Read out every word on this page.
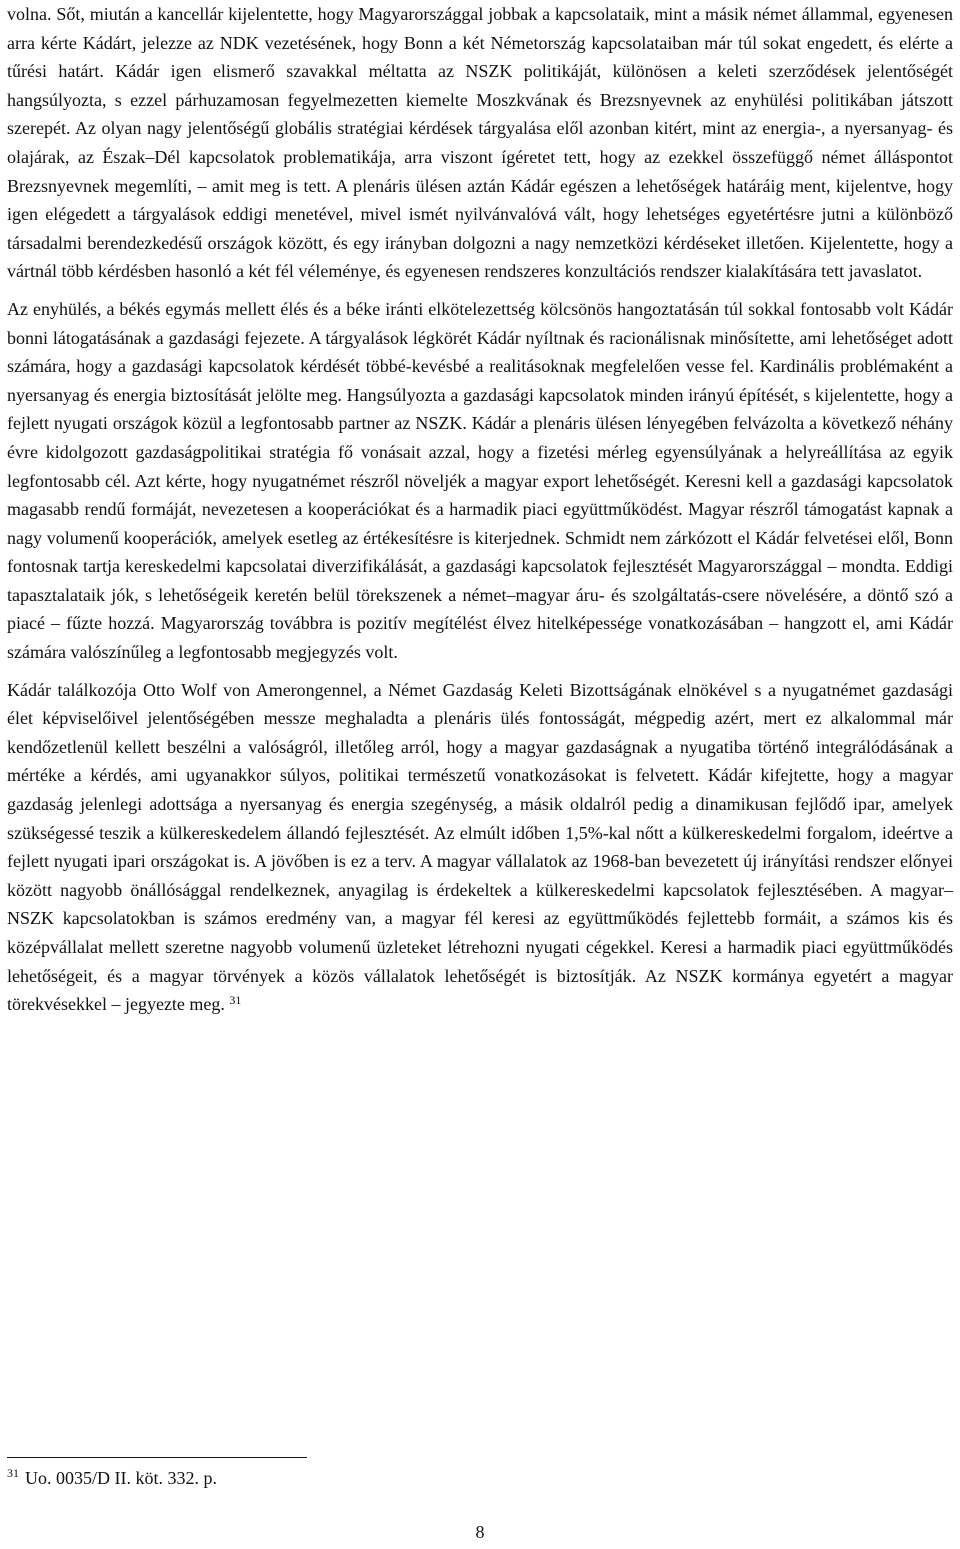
volna. Sőt, miután a kancellár kijelentette, hogy Magyarországgal jobbak a kapcsolataik, mint a másik német állammal, egyenesen arra kérte Kádárt, jelezze az NDK vezetésének, hogy Bonn a két Németország kapcsolataiban már túl sokat engedett, és elérte a tűrési határt. Kádár igen elismerő szavakkal méltatta az NSZK politikáját, különösen a keleti szerződések jelentőségét hangsúlyozta, s ezzel párhuzamosan fegyelmezetten kiemelte Moszkvának és Brezsnyevnek az enyhülési politikában játszott szerepét. Az olyan nagy jelentőségű globális stratégiai kérdések tárgyalása elől azonban kitért, mint az energia-, a nyersanyag- és olajárak, az Észak–Dél kapcsolatok problematikája, arra viszont ígéretet tett, hogy az ezekkel összefüggő német álláspontot Brezsnyevnek megemlíti, – amit meg is tett. A plenáris ülésen aztán Kádár egészen a lehetőségek határáig ment, kijelentve, hogy igen elégedett a tárgyalások eddigi menetével, mivel ismét nyilvánvalóvá vált, hogy lehetséges egyetértésre jutni a különböző társadalmi berendezkedésű országok között, és egy irányban dolgozni a nagy nemzetközi kérdéseket illetően. Kijelentette, hogy a vártnál több kérdésben hasonló a két fél véleménye, és egyenesen rendszeres konzultációs rendszer kialakítására tett javaslatot.

Az enyhülés, a békés egymás mellett élés és a béke iránti elkötelezettség kölcsönös hangoztatásán túl sokkal fontosabb volt Kádár bonni látogatásának a gazdasági fejezete. A tárgyalások légkörét Kádár nyíltnak és racionálisnak minősítette, ami lehetőséget adott számára, hogy a gazdasági kapcsolatok kérdését többé-kevésbé a realitásoknak megfelelően vesse fel. Kardinális problémaként a nyersanyag és energia biztosítását jelölte meg. Hangsúlyozta a gazdasági kapcsolatok minden irányú építését, s kijelentette, hogy a fejlett nyugati országok közül a legfontosabb partner az NSZK. Kádár a plenáris ülésen lényegében felvázolta a következő néhány évre kidolgozott gazdaságpolitikai stratégia fő vonásait azzal, hogy a fizetési mérleg egyensúlyának a helyreállítása az egyik legfontosabb cél. Azt kérte, hogy nyugatnémet részről növeljék a magyar export lehetőségét. Keresni kell a gazdasági kapcsolatok magasabb rendű formáját, nevezetesen a kooperációkat és a harmadik piaci együttműködést. Magyar részről támogatást kapnak a nagy volumenű kooperációk, amelyek esetleg az értékesítésre is kiterjednek. Schmidt nem zárkózott el Kádár felvetései elől, Bonn fontosnak tartja kereskedelmi kapcsolatai diverzifikálását, a gazdasági kapcsolatok fejlesztését Magyarországgal – mondta. Eddigi tapasztalataik jók, s lehetőségeik keretén belül törekszenek a német–magyar áru- és szolgáltatás-csere növelésére, a döntő szó a piacé – fűzte hozzá. Magyarország továbbra is pozitív megítélést élvez hitelképessége vonatkozásában – hangzott el, ami Kádár számára valószínűleg a legfontosabb megjegyzés volt.

Kádár találkozója Otto Wolf von Amerongennel, a Német Gazdaság Keleti Bizottságának elnökével s a nyugatnémet gazdasági élet képviselőivel jelentőségében messze meghaladta a plenáris ülés fontosságát, mégpedig azért, mert ez alkalommal már kendőzetlenül kellett beszélni a valóságról, illetőleg arról, hogy a magyar gazdaságnak a nyugatiba történő integrálódásának a mértéke a kérdés, ami ugyanakkor súlyos, politikai természetű vonatkozásokat is felvetett. Kádár kifejtette, hogy a magyar gazdaság jelenlegi adottsága a nyersanyag és energia szegénység, a másik oldalról pedig a dinamikusan fejlődő ipar, amelyek szükségessé teszik a külkereskedelem állandó fejlesztését. Az elmúlt időben 1,5%-kal nőtt a külkereskedelmi forgalom, ideértve a fejlett nyugati ipari országokat is. A jövőben is ez a terv. A magyar vállalatok az 1968-ban bevezetett új irányítási rendszer előnyei között nagyobb önállósággal rendelkeznek, anyagilag is érdekeltek a külkereskedelmi kapcsolatok fejlesztésében. A magyar–NSZK kapcsolatokban is számos eredmény van, a magyar fél keresi az együttműködés fejlettebb formáit, a számos kis és középvállalat mellett szeretne nagyobb volumenű üzleteket létrehozni nyugati cégekkel. Keresi a harmadik piaci együttműködés lehetőségeit, és a magyar törvények a közös vállalatok lehetőségét is biztosítják. Az NSZK kormánya egyetért a magyar törekvésekkel – jegyezte meg. $^{31}$

$^{31}$ Uo. 0035/D II. köt. 332. p.
8
